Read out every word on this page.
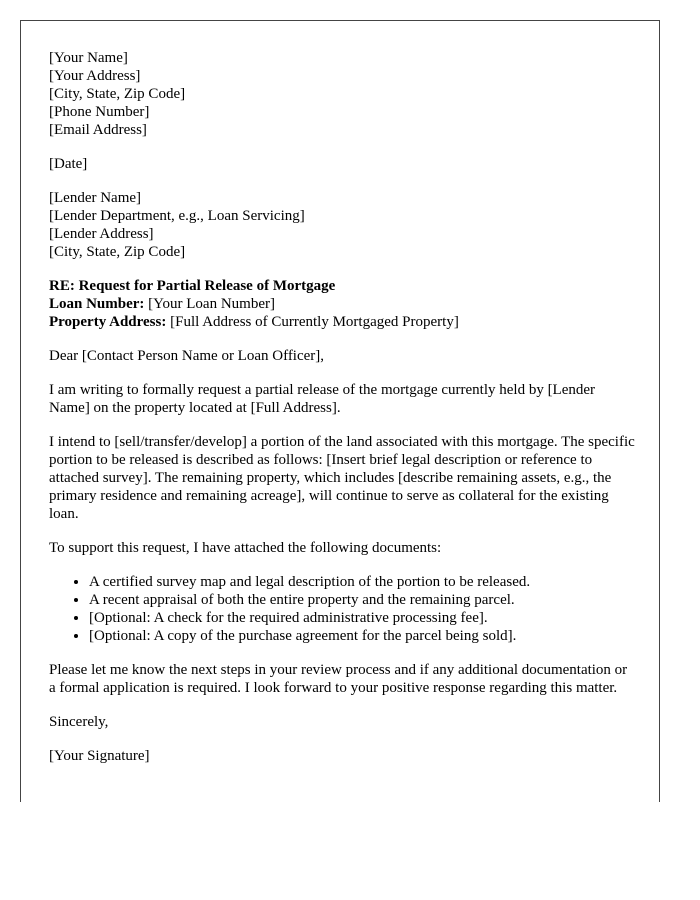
[Your Name]
[Your Address]
[City, State, Zip Code]
[Phone Number]
[Email Address]
[Date]
[Lender Name]
[Lender Department, e.g., Loan Servicing]
[Lender Address]
[City, State, Zip Code]
RE: Request for Partial Release of Mortgage
Loan Number: [Your Loan Number]
Property Address: [Full Address of Currently Mortgaged Property]

Dear [Contact Person Name or Loan Officer],

I am writing to formally request a partial release of the mortgage currently held by [Lender Name] on the property located at [Full Address].

I intend to [sell/transfer/develop] a portion of the land associated with this mortgage. The specific portion to be released is described as follows: [Insert brief legal description or reference to attached survey]. The remaining property, which includes [describe remaining assets, e.g., the primary residence and remaining acreage], will continue to serve as collateral for the existing loan.

To support this request, I have attached the following documents:

• A certified survey map and legal description of the portion to be released.
• A recent appraisal of both the entire property and the remaining parcel.
• [Optional: A check for the required administrative processing fee].
• [Optional: A copy of the purchase agreement for the parcel being sold].

Please let me know the next steps in your review process and if any additional documentation or a formal application is required. I look forward to your positive response regarding this matter.

Sincerely,

[Your Signature]
